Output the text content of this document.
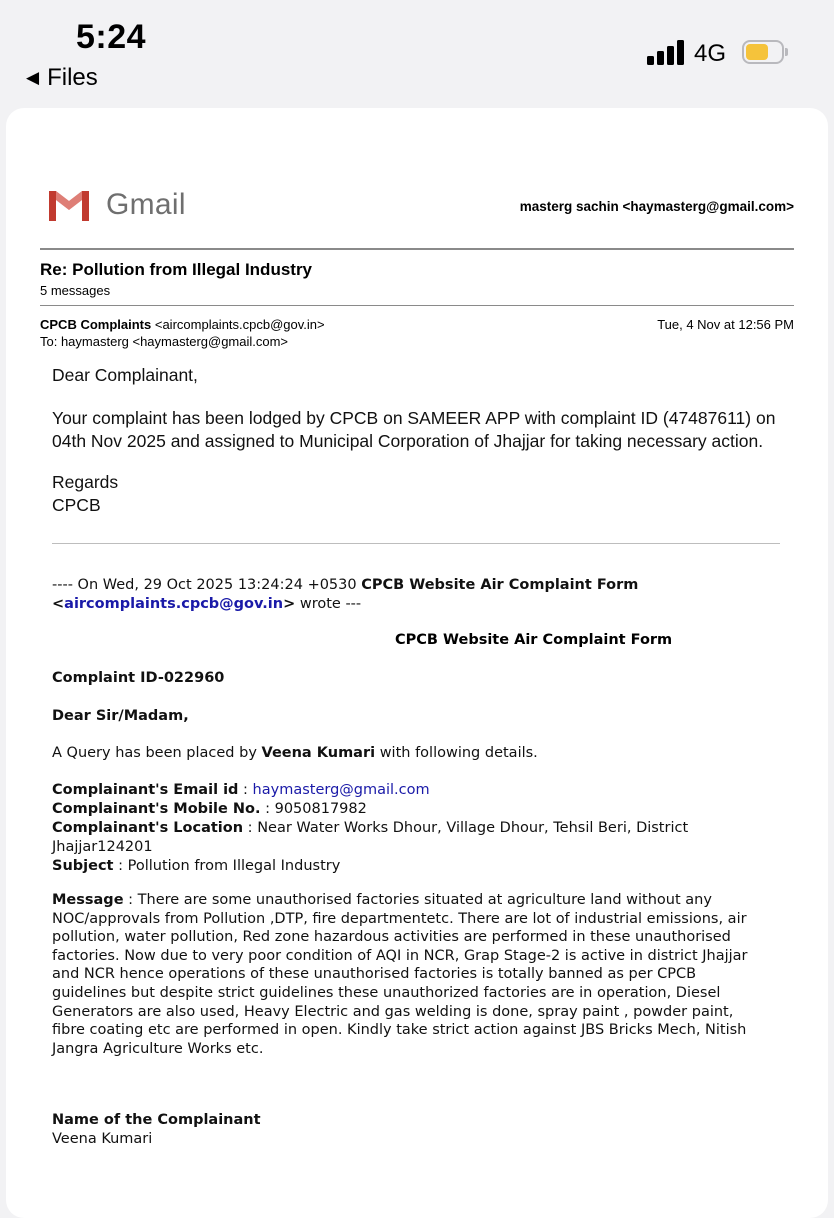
5:24
◀ Files
4G
Gmail	masterg sachin <haymasterg@gmail.com>
Re: Pollution from Illegal Industry
5 messages
CPCB Complaints <aircomplaints.cpcb@gov.in>
To: haymasterg <haymasterg@gmail.com>
Tue, 4 Nov at 12:56 PM
Dear Complainant,
Your complaint has been lodged by CPCB on SAMEER APP with complaint ID (47487611) on
04th Nov 2025 and assigned to Municipal Corporation of Jhajjar for taking necessary action.
Regards
CPCB
---- On Wed, 29 Oct 2025 13:24:24 +0530 CPCB Website Air Complaint Form
<aircomplaints.cpcb@gov.in> wrote ---
CPCB Website Air Complaint Form
Complaint ID-022960
Dear Sir/Madam,
A Query has been placed by Veena Kumari with following details.
Complainant's Email id : haymasterg@gmail.com
Complainant's Mobile No. : 9050817982
Complainant's Location : Near Water Works Dhour, Village Dhour, Tehsil Beri, District
Jhajjar124201
Subject : Pollution from Illegal Industry
Message : There are some unauthorised factories situated at agriculture land without any
NOC/approvals from Pollution ,DTP, fire departmentetc. There are lot of industrial emissions, air
pollution, water pollution, Red zone hazardous activities are performed in these unauthorised
factories. Now due to very poor condition of AQI in NCR, Grap Stage-2 is active in district Jhajjar
and NCR hence operations of these unauthorised factories is totally banned as per CPCB
guidelines but despite strict guidelines these unauthorized factories are in operation, Diesel
Generators are also used, Heavy Electric and gas welding is done, spray paint , powder paint,
fibre coating etc are performed in open. Kindly take strict action against JBS Bricks Mech, Nitish
Jangra Agriculture Works etc.
Name of the Complainant
Veena Kumari
